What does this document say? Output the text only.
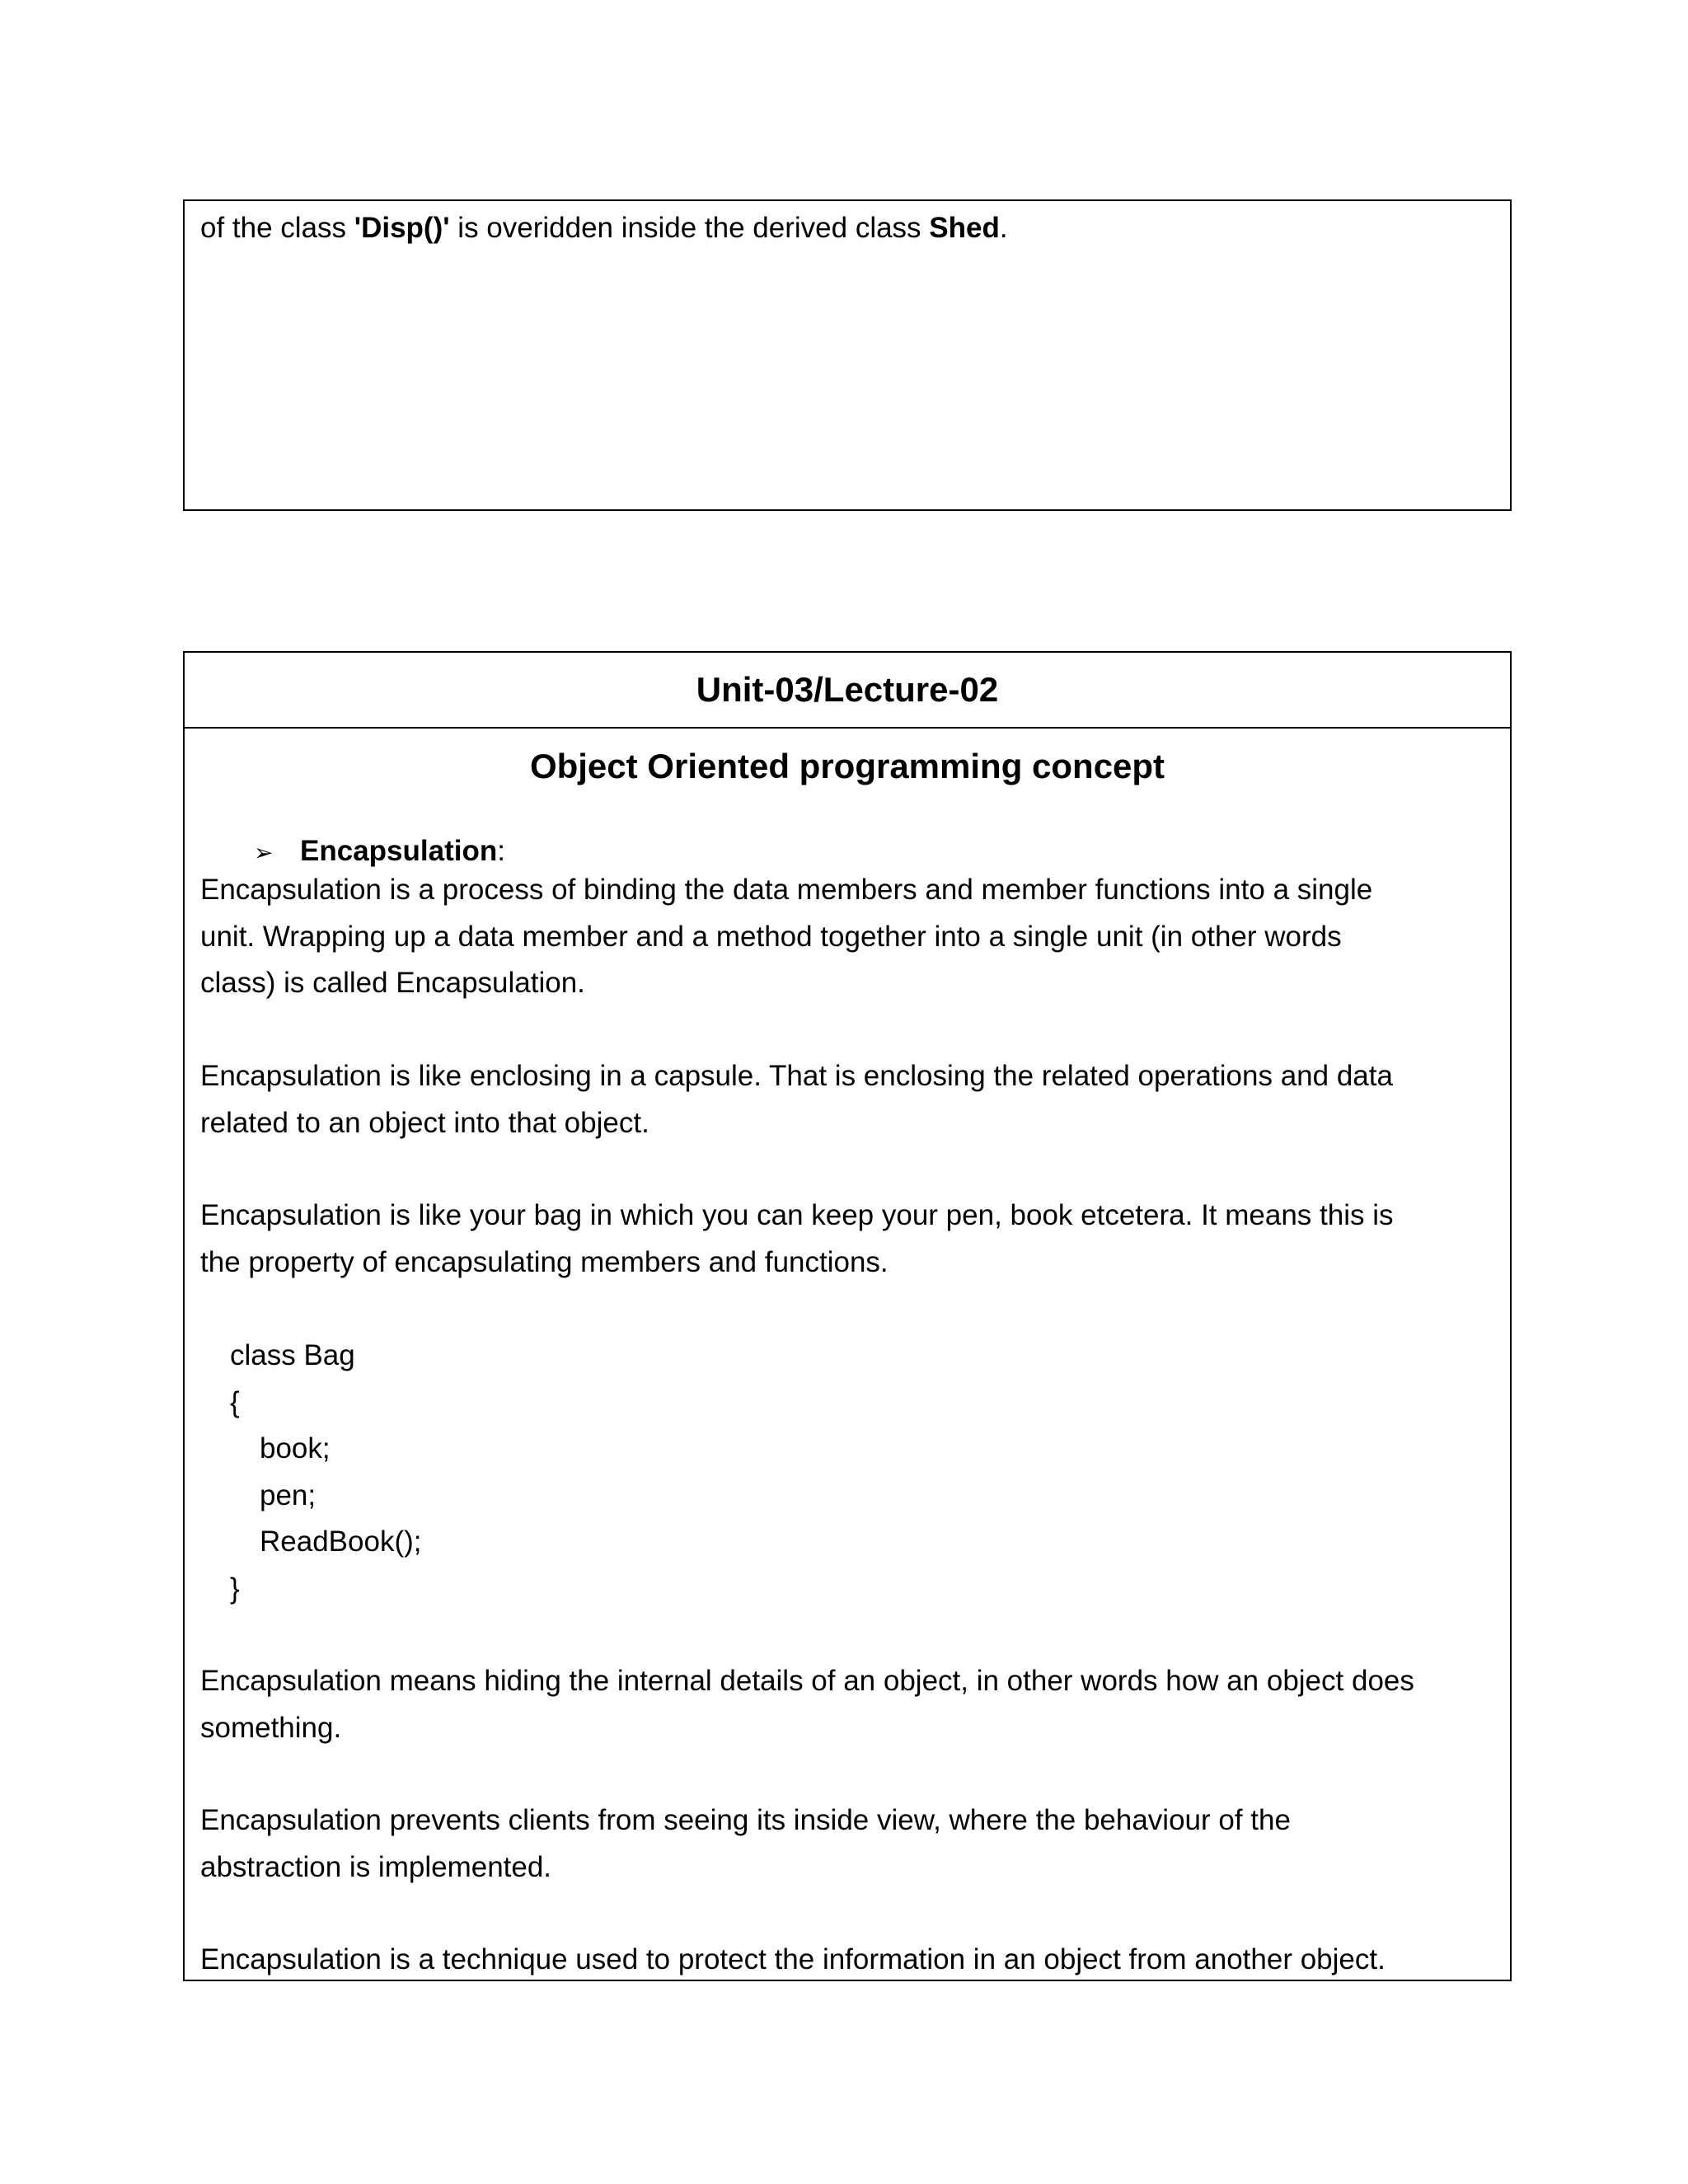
of the class 'Disp()' is overidden inside the derived class Shed.
Unit-03/Lecture-02
Object Oriented programming concept
➢ Encapsulation:

Encapsulation is a process of binding the data members and member functions into a single
unit. Wrapping up a data member and a method together into a single unit (in other words
class) is called Encapsulation.

Encapsulation is like enclosing in a capsule. That is enclosing the related operations and data
related to an object into that object.

Encapsulation is like your bag in which you can keep your pen, book etcetera. It means this is
the property of encapsulating members and functions.

class Bag
{
book;
pen;
ReadBook();
}

Encapsulation means hiding the internal details of an object, in other words how an object does
something.

Encapsulation prevents clients from seeing its inside view, where the behaviour of the
abstraction is implemented.

Encapsulation is a technique used to protect the information in an object from another object.
